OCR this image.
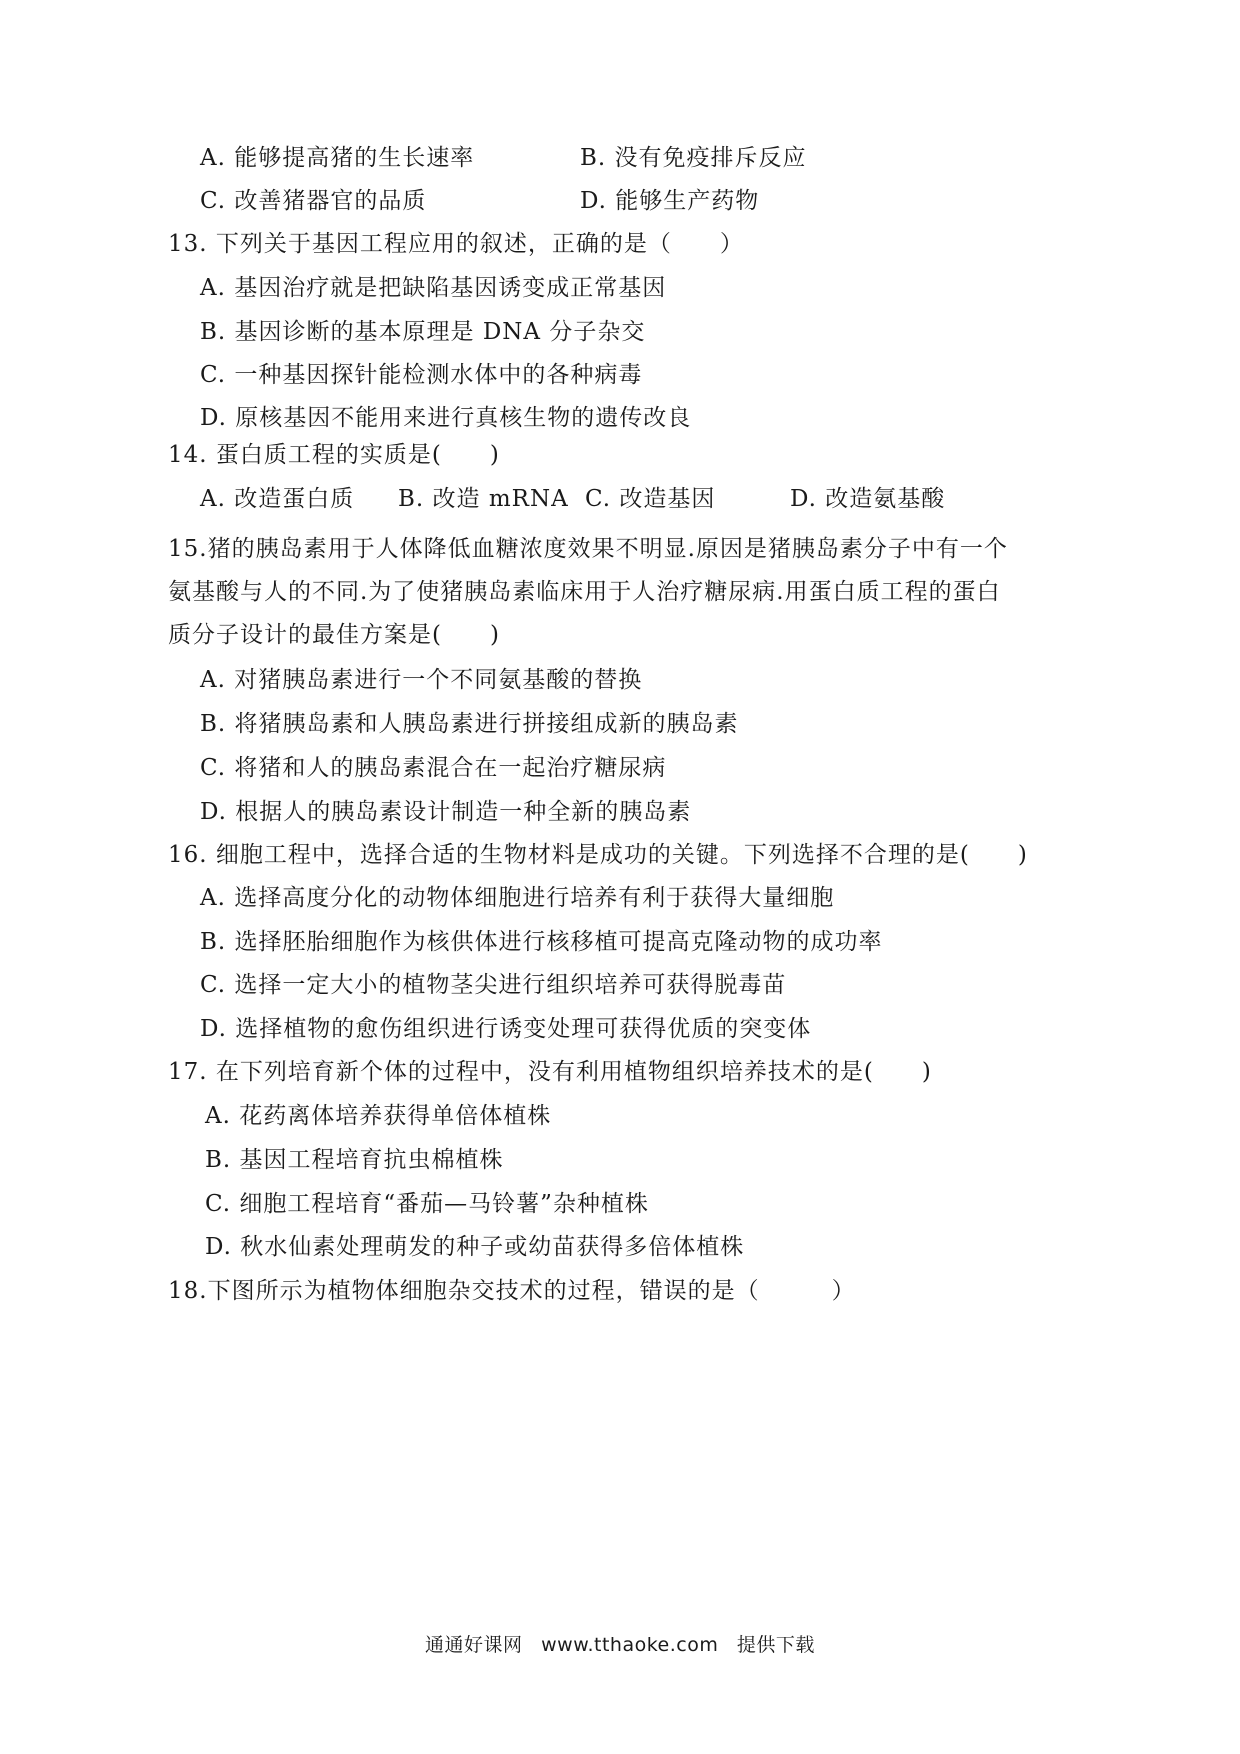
A. 能够提高猪的生长速率	B. 没有免疫排斥反应
C. 改善猪器官的品质	D. 能够生产药物
13. 下列关于基因工程应用的叙述，正确的是（　　）
A. 基因治疗就是把缺陷基因诱变成正常基因
B. 基因诊断的基本原理是 DNA 分子杂交
C. 一种基因探针能检测水体中的各种病毒
D. 原核基因不能用来进行真核生物的遗传改良
14. 蛋白质工程的实质是(　　)
A. 改造蛋白质 B. 改造 mRNA C. 改造基因	D. 改造氨基酸
15.猪的胰岛素用于人体降低血糖浓度效果不明显.原因是猪胰岛素分子中有一个
氨基酸与人的不同.为了使猪胰岛素临床用于人治疗糖尿病.用蛋白质工程的蛋白
质分子设计的最佳方案是(　　)
A. 对猪胰岛素进行一个不同氨基酸的替换
B. 将猪胰岛素和人胰岛素进行拼接组成新的胰岛素
C. 将猪和人的胰岛素混合在一起治疗糖尿病
D. 根据人的胰岛素设计制造一种全新的胰岛素
16. 细胞工程中，选择合适的生物材料是成功的关键。下列选择不合理的是(　　)
A. 选择高度分化的动物体细胞进行培养有利于获得大量细胞
B. 选择胚胎细胞作为核供体进行核移植可提高克隆动物的成功率
C. 选择一定大小的植物茎尖进行组织培养可获得脱毒苗
D. 选择植物的愈伤组织进行诱变处理可获得优质的突变体
17. 在下列培育新个体的过程中，没有利用植物组织培养技术的是(　　)
A. 花药离体培养获得单倍体植株
B. 基因工程培育抗虫棉植株
C. 细胞工程培育“番茄—马铃薯”杂种植株
D. 秋水仙素处理萌发的种子或幼苗获得多倍体植株
18.下图所示为植物体细胞杂交技术的过程，错误的是（　　　）
通通好课网 www.tthaoke.com 提供下载
